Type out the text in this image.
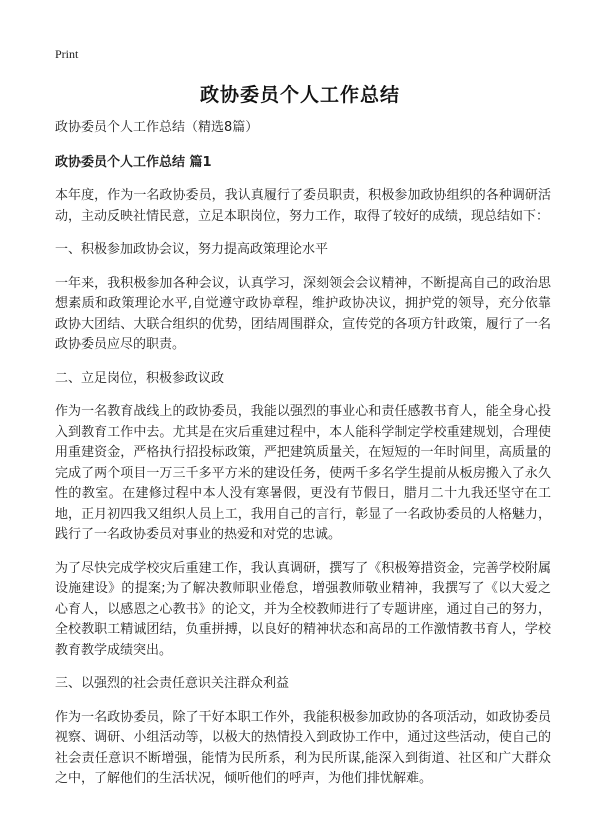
Print
政协委员个人工作总结

政协委员个人工作总结（精选8篇）

政协委员个人工作总结 篇1

本年度，作为一名政协委员，我认真履行了委员职责，积极参加政协组织的各种调研活动，主动反映社情民意，立足本职岗位，努力工作，取得了较好的成绩，现总结如下：

一、积极参加政协会议，努力提高政策理论水平

一年来，我积极参加各种会议，认真学习，深刻领会会议精神，不断提高自己的政治思想素质和政策理论水平,自觉遵守政协章程，维护政协决议，拥护党的领导，充分依靠政协大团结、大联合组织的优势，团结周围群众，宣传党的各项方针政策，履行了一名政协委员应尽的职责。

二、立足岗位，积极参政议政

作为一名教育战线上的政协委员，我能以强烈的事业心和责任感教书育人，能全身心投入到教育工作中去。尤其是在灾后重建过程中，本人能科学制定学校重建规划，合理使用重建资金，严格执行招投标政策，严把建筑质量关，在短短的一年时间里，高质量的完成了两个项目一万三千多平方米的建设任务，使两千多名学生提前从板房搬入了永久性的教室。在建修过程中本人没有寒暑假，更没有节假日，腊月二十九我还坚守在工地，正月初四我又组织人员上工，我用自己的言行，彰显了一名政协委员的人格魅力，践行了一名政协委员对事业的热爱和对党的忠诚。

为了尽快完成学校灾后重建工作，我认真调研，撰写了《积极筹措资金，完善学校附属设施建设》的提案;为了解决教师职业倦怠，增强教师敬业精神，我撰写了《以大爱之心育人，以感恩之心教书》的论文，并为全校教师进行了专题讲座，通过自己的努力，全校教职工精诚团结，负重拼搏，以良好的精神状态和高昂的工作激情教书育人，学校教育教学成绩突出。

三、以强烈的社会责任意识关注群众利益

作为一名政协委员，除了干好本职工作外，我能积极参加政协的各项活动，如政协委员视察、调研、小组活动等，以极大的热情投入到政协工作中，通过这些活动，使自己的社会责任意识不断增强，能情为民所系，利为民所谋,能深入到街道、社区和广大群众之中，了解他们的生活状况，倾听他们的呼声，为他们排忧解难。
